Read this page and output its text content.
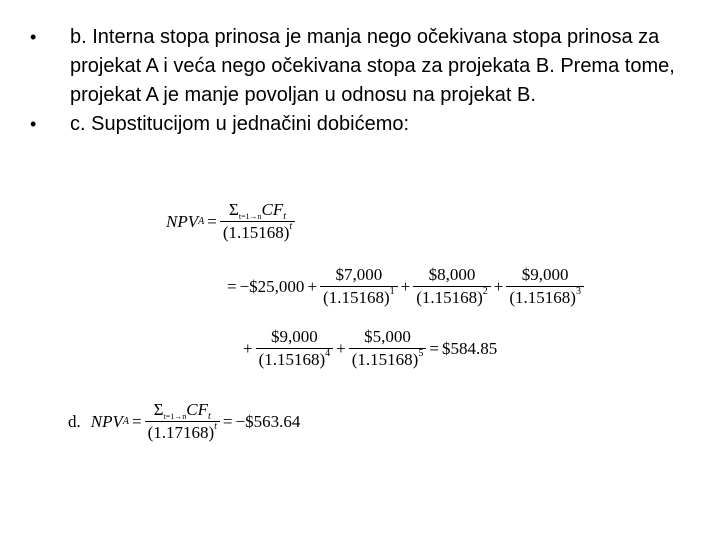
• b. Interna stopa prinosa je manja nego očekivana stopa prinosa za projekat A i veća nego očekivana stopa za projekata B. Prema tome, projekat A je manje povoljan u odnosu na projekat B.
• c. Supstitucijom u jednačini dobićemo:
NPV $A = \frac{\Sigma_{t=1\to n}CF_t}{(1.15168)^t}$
= −$25,000 + $\frac{\$7,000}{(1.15168)^1} + \frac{\$8,000}{(1.15168)^2} + \frac{\$9,000}{(1.15168)^3}$
+ $\frac{\$9,000}{(1.15168)^4} + \frac{\$5,000}{(1.15168)^5}$ = $584.85
d. NPV $A = \frac{\Sigma_{t=1\to n}CF_t}{(1.17168)^t}$ = −$563.64
